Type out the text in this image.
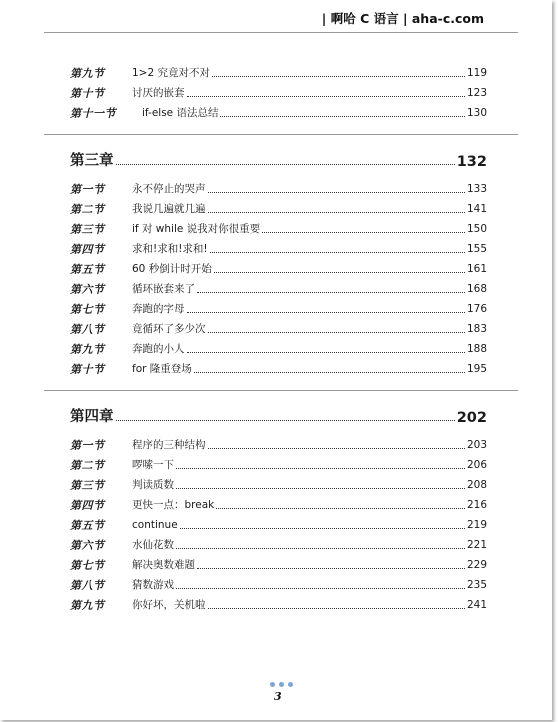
| 啊哈 C 语言 | aha-c.com
第九节	1>2 究竟对不对	119
第十节	讨厌的嵌套	123
第十一节	if-else 语法总结	130
第三章	132
第一节	永不停止的哭声	133
第二节	我说几遍就几遍	141
第三节	if 对 while 说我对你很重要	150
第四节	求和!求和!求和!	155
第五节	60 秒倒计时开始	161
第六节	循环嵌套来了	168
第七节	奔跑的字母	176
第八节	竟循环了多少次	183
第九节	奔跑的小人	188
第十节	for 隆重登场	195
第四章	202
第一节	程序的三种结构	203
第二节	啰嗦一下	206
第三节	判读质数	208
第四节	更快一点：break	216
第五节	continue	219
第六节	水仙花数	221
第七节	解决奥数难题	229
第八节	猜数游戏	235
第九节	你好坏，关机啦	241
3
